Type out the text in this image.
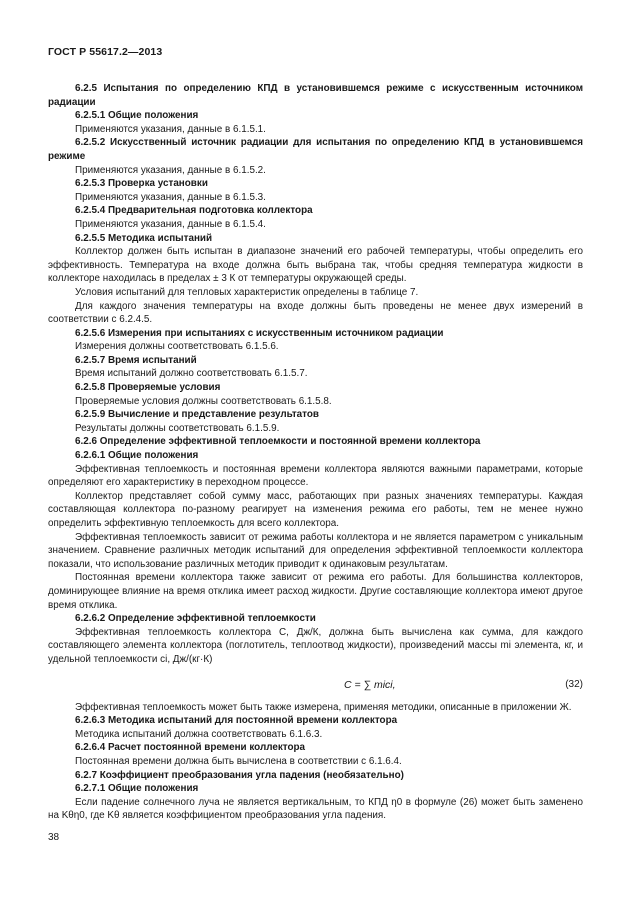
ГОСТ Р 55617.2—2013

6.2.5 Испытания по определению КПД в установившемся режиме с искусственным источником радиации

6.2.5.1 Общие положения

Применяются указания, данные в 6.1.5.1.

6.2.5.2 Искусственный источник радиации для испытания по определению КПД в установившемся режиме

Применяются указания, данные в 6.1.5.2.

6.2.5.3 Проверка установки

Применяются указания, данные в 6.1.5.3.

6.2.5.4 Предварительная подготовка коллектора

Применяются указания, данные в 6.1.5.4.

6.2.5.5 Методика испытаний

Коллектор должен быть испытан в диапазоне значений его рабочей температуры, чтобы определить его эффективность. Температура на входе должна быть выбрана так, чтобы средняя температура жидкости в коллекторе находилась в пределах ± 3 К от температуры окружающей среды.

Условия испытаний для тепловых характеристик определены в таблице 7.

Для каждого значения температуры на входе должны быть проведены не менее двух измерений в соответствии с 6.2.4.5.

6.2.5.6 Измерения при испытаниях с искусственным источником радиации

Измерения должны соответствовать 6.1.5.6.

6.2.5.7 Время испытаний

Время испытаний должно соответствовать 6.1.5.7.

6.2.5.8 Проверяемые условия

Проверяемые условия должны соответствовать 6.1.5.8.

6.2.5.9 Вычисление и представление результатов

Результаты должны соответствовать 6.1.5.9.

6.2.6 Определение эффективной теплоемкости и постоянной времени коллектора

6.2.6.1 Общие положения

Эффективная теплоемкость и постоянная времени коллектора являются важными параметрами, которые определяют его характеристику в переходном процессе.

Коллектор представляет собой сумму масс, работающих при разных значениях температуры. Каждая составляющая коллектора по-разному реагирует на изменения режима его работы, тем не менее нужно определить эффективную теплоемкость для всего коллектора.

Эффективная теплоемкость зависит от режима работы коллектора и не является параметром с уникальным значением. Сравнение различных методик испытаний для определения эффективной теплоемкости коллектора показали, что использование различных методик приводит к одинаковым результатам.

Постоянная времени коллектора также зависит от режима его работы. Для большинства коллекторов, доминирующее влияние на время отклика имеет расход жидкости. Другие составляющие коллектора имеют другое время отклика.

6.2.6.2 Определение эффективной теплоемкости

Эффективная теплоемкость коллектора C, Дж/К, должна быть вычислена как сумма, для каждого составляющего элемента коллектора (поглотитель, теплоотвод жидкости), произведений массы mi элемента, кг, и удельной теплоемкости ci, Дж/(кг·К)

C = ∑ mici,	(32)

Эффективная теплоемкость может быть также измерена, применяя методики, описанные в приложении Ж.

6.2.6.3 Методика испытаний для постоянной времени коллектора

Методика испытаний должна соответствовать 6.1.6.3.

6.2.6.4 Расчет постоянной времени коллектора

Постоянная времени должна быть вычислена в соответствии с 6.1.6.4.

6.2.7 Коэффициент преобразования угла падения (необязательно)

6.2.7.1 Общие положения

Если падение солнечного луча не является вертикальным, то КПД η0 в формуле (26) может быть заменено на Kθη0, где Kθ является коэффициентом преобразования угла падения.

38
